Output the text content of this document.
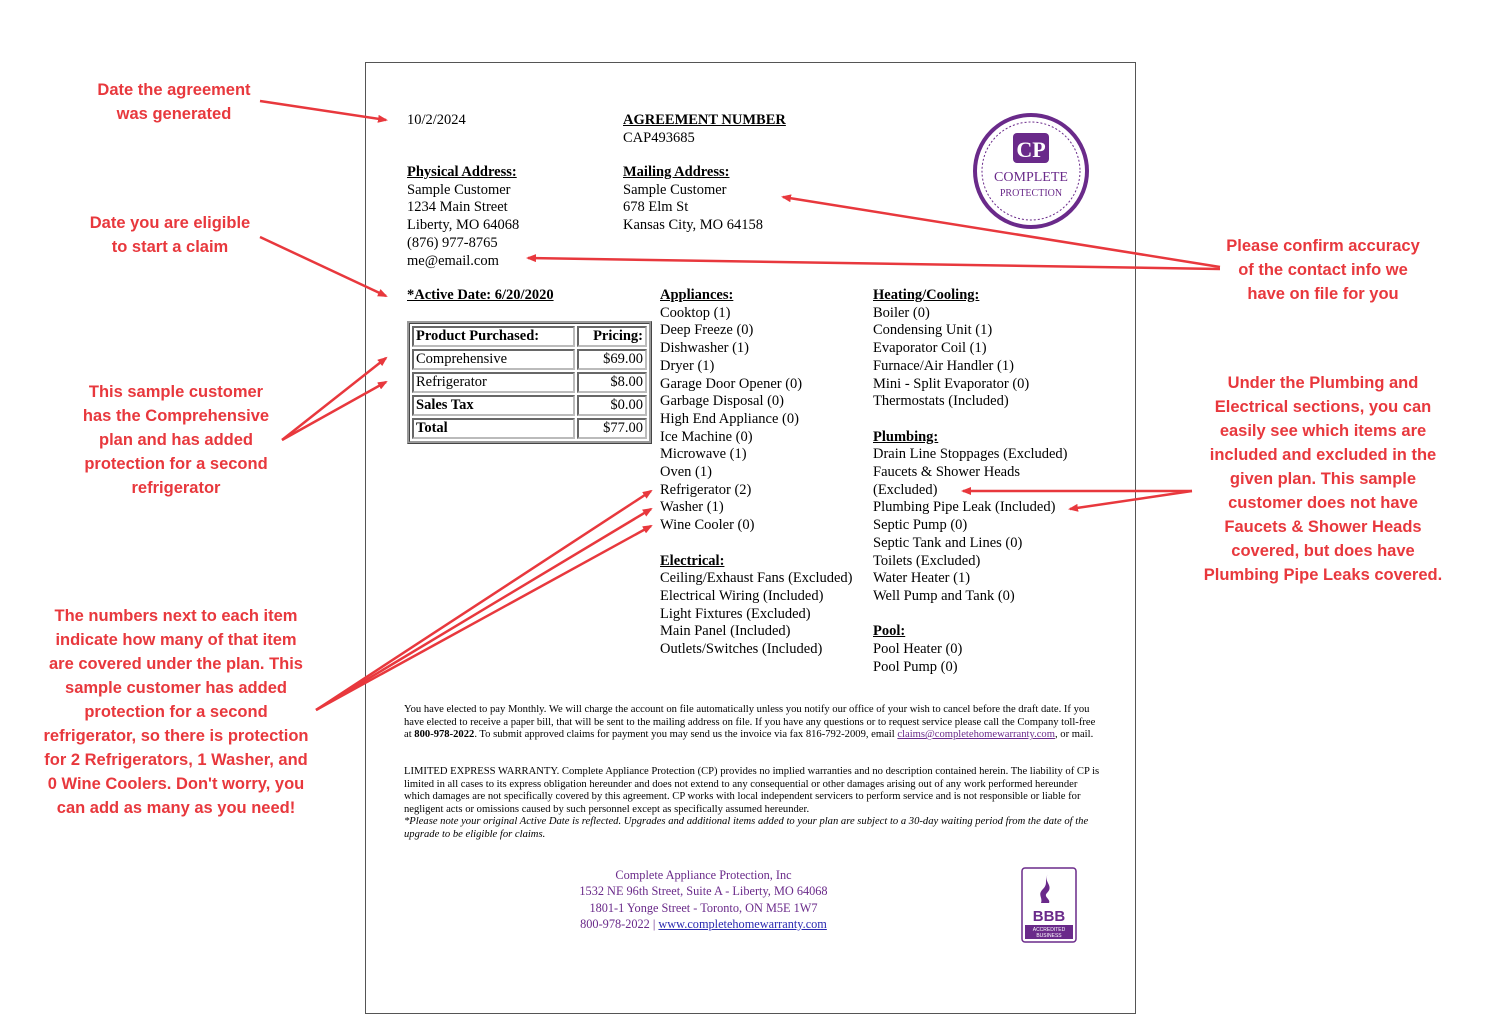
Date the agreement
was generated
Date you are eligible
to start a claim
This sample customer
has the Comprehensive
plan and has added
protection for a second
refrigerator
The numbers next to each item
indicate how many of that item
are covered under the plan. This
sample customer has added
protection for a second
refrigerator, so there is protection
for 2 Refrigerators, 1 Washer, and
0 Wine Coolers. Don't worry, you
can add as many as you need!
Please confirm accuracy
of the contact info we
have on file for you
Under the Plumbing and
Electrical sections, you can
easily see which items are
included and excluded in the
given plan. This sample
customer does not have
Faucets & Shower Heads
covered, but does have
Plumbing Pipe Leaks covered.
10/2/2024	AGREEMENT NUMBER
CAP493685
Physical Address:
Sample Customer
1234 Main Street
Liberty, MO 64068
(876) 977-8765
me@email.com
Mailing Address:
Sample Customer
678 Elm St
Kansas City, MO 64158
CP
COMPLETE
PROTECTION
*Active Date: 6/20/2020
Product Purchased:	Pricing:
Comprehensive	$69.00
Refrigerator	$8.00
Sales Tax	$0.00
Total	$77.00
Appliances:
Cooktop (1)
Deep Freeze (0)
Dishwasher (1)
Dryer (1)
Garage Door Opener (0)
Garbage Disposal (0)
High End Appliance (0)
Ice Machine (0)
Microwave (1)
Oven (1)
Refrigerator (2)
Washer (1)
Wine Cooler (0)
Electrical:
Ceiling/Exhaust Fans (Excluded)
Electrical Wiring (Included)
Light Fixtures (Excluded)
Main Panel (Included)
Outlets/Switches (Included)
Heating/Cooling:
Boiler (0)
Condensing Unit (1)
Evaporator Coil (1)
Furnace/Air Handler (1)
Mini - Split Evaporator (0)
Thermostats (Included)
Plumbing:
Drain Line Stoppages (Excluded)
Faucets & Shower Heads
(Excluded)
Plumbing Pipe Leak (Included)
Septic Pump (0)
Septic Tank and Lines (0)
Toilets (Excluded)
Water Heater (1)
Well Pump and Tank (0)
Pool:
Pool Heater (0)
Pool Pump (0)
You have elected to pay Monthly. We will charge the account on file automatically unless you notify our office of your wish to cancel before the draft date. If you have elected to receive a paper bill, that will be sent to the mailing address on file. If you have any questions or to request service please call the Company toll-free at 800-978-2022. To submit approved claims for payment you may send us the invoice via fax 816-792-2009, email claims@completehomewarranty.com, or mail.
LIMITED EXPRESS WARRANTY. Complete Appliance Protection (CP) provides no implied warranties and no description contained herein. The liability of CP is limited in all cases to its express obligation hereunder and does not extend to any consequential or other damages arising out of any work performed hereunder which damages are not specifically covered by this agreement. CP works with local independent servicers to perform service and is not responsible or liable for negligent acts or omissions caused by such personnel except as specifically assumed hereunder.
*Please note your original Active Date is reflected. Upgrades and additional items added to your plan are subject to a 30-day waiting period from the date of the upgrade to be eligible for claims.
Complete Appliance Protection, Inc
1532 NE 96th Street, Suite A - Liberty, MO 64068
1801-1 Yonge Street - Toronto, ON M5E 1W7
800-978-2022 | www.completehomewarranty.com	BBB
ACCREDITED
BUSINESS
